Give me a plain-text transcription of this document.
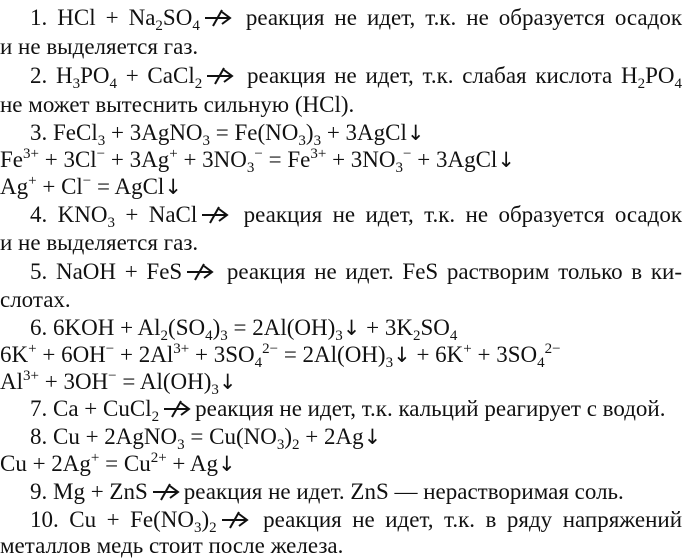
1. HCl + $Na_2SO_4$ реакция не идет, т.к. не образуется осадок
и не выделяется газ.
2. $H_3PO_4$ + CaCl$_2$ реакция не идет, т.к. слабая кислота $H_2PO_4$
не может вытеснить сильную (HCl).
3. FeCl$_3$ + 3AgNO$_3$ = $Fe(NO_3)_3$ + 3AgCl↓
$Fe^{3+} + 3Cl^- + 3Ag^+ + 3NO_3^- = Fe^{3+} + 3NO_3^-$ + 3AgCl↓
Ag+ + Cl− = AgCl↓
4. $KNO_3$ + NaCl реакция не идет, т.к. не образуется осадок
и не выделяется газ.
5. NaOH + FeS реакция не идет. FeS растворим только в ки-
слотах.
6. $6KOH + Al_2(SO_4)_3$ = $2Al(OH)_3↓ + 3K_2SO_4$
$6K^+ + 6OH^- + 2Al^{3+} + 3SO_4^{2-}$ = $2Al(OH)_3↓ + 6K^+ + 3SO_4^{2-}$
$Al^{3+} + 3OH^-$ = $Al(OH)_3↓$
7. Ca + CuCl$_2$ реакция не идет, т.к. кальций реагирует с водой.
8. Cu + 2AgNO$_3$ = $Cu(NO_3)_2$ + 2Ag↓
$Cu + 2Ag^+ = Cu^{2+}$ + Ag↓
9. Mg + ZnS реакция не идет. ZnS — нерастворимая соль.
10. $Cu + Fe(NO_3)_2$ реакция не идет, т.к. в ряду напряжений
металлов медь стоит после железа.
